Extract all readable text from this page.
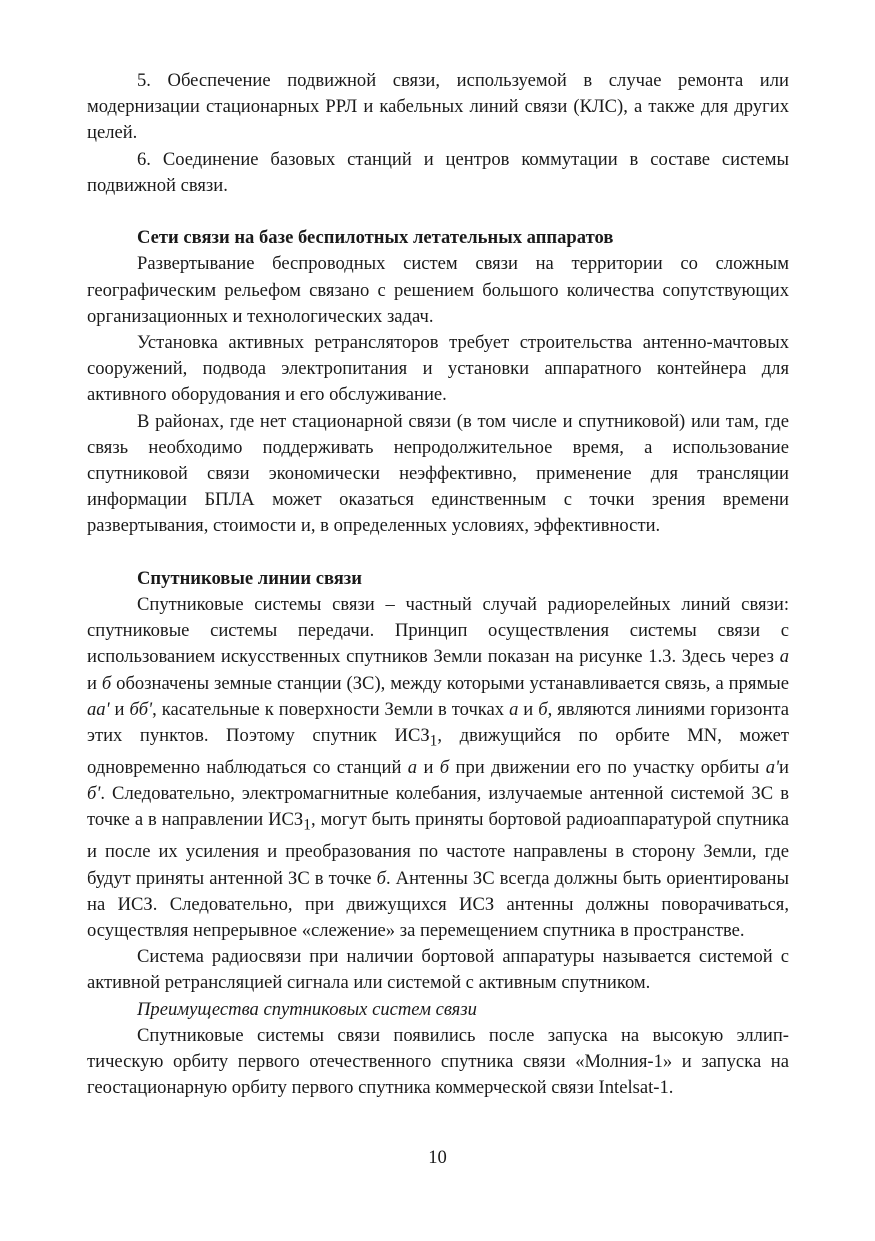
5. Обеспечение подвижной связи, используемой в случае ремонта или модернизации стационарных РРЛ и кабельных линий связи (КЛС), а также для других целей.

6. Соединение базовых станций и центров коммутации в составе системы подвижной связи.

Сети связи на базе беспилотных летательных аппаратов

Развертывание беспроводных систем связи на территории со сложным географическим рельефом связано с решением большого количества сопутствующих организационных и технологических задач.

Установка активных ретрансляторов требует строительства антенно-мачтовых сооружений, подвода электропитания и установки аппаратного контейнера для активного оборудования и его обслуживание.

В районах, где нет стационарной связи (в том числе и спутниковой) или там, где связь необходимо поддерживать непродолжительное время, а использование спутниковой связи экономически неэффективно, применение для трансляции информации БПЛА может оказаться единственным с точки зрения времени развертывания, стоимости и, в определенных условиях, эффективности.

Спутниковые линии связи

Спутниковые системы связи – частный случай радиорелейных линий связи: спутниковые системы передачи. Принцип осуществления системы связи с использованием искусственных спутников Земли показан на рисунке 1.3. Здесь через а и б обозначены земные станции (ЗС), между которыми устанавливается связь, а прямые аа' и бб', касательные к поверхности Земли в точках а и б, являются линиями горизонта этих пунктов. Поэтому спутник $ИСЗ_1$, движущийся по орбите MN, может одновременно наблюдаться со станций а и б при движении его по участку орбиты а'и б'. Следовательно, электромагнитные колебания, излучаемые антенной системой ЗС в точке а в направлении $ИСЗ_1$, могут быть приняты бортовой радиоаппаратурой спутника и после их усиления и преобразования по частоте направлены в сторону Земли, где будут приняты антенной ЗС в точке б. Антенны ЗС всегда должны быть ориентированы на ИСЗ. Следовательно, при движущихся ИСЗ антенны должны поворачиваться, осуществляя непрерывное «слежение» за перемещением спутника в пространстве.

Система радиосвязи при наличии бортовой аппаратуры называется системой с активной ретрансляцией сигнала или системой с активным спутником.

Преимущества спутниковых систем связи

Спутниковые системы связи появились после запуска на высокую эллиптическую орбиту первого отечественного спутника связи «Молния-1» и запуска на геостационарную орбиту первого спутника коммерческой связи Intelsat-1.

10
